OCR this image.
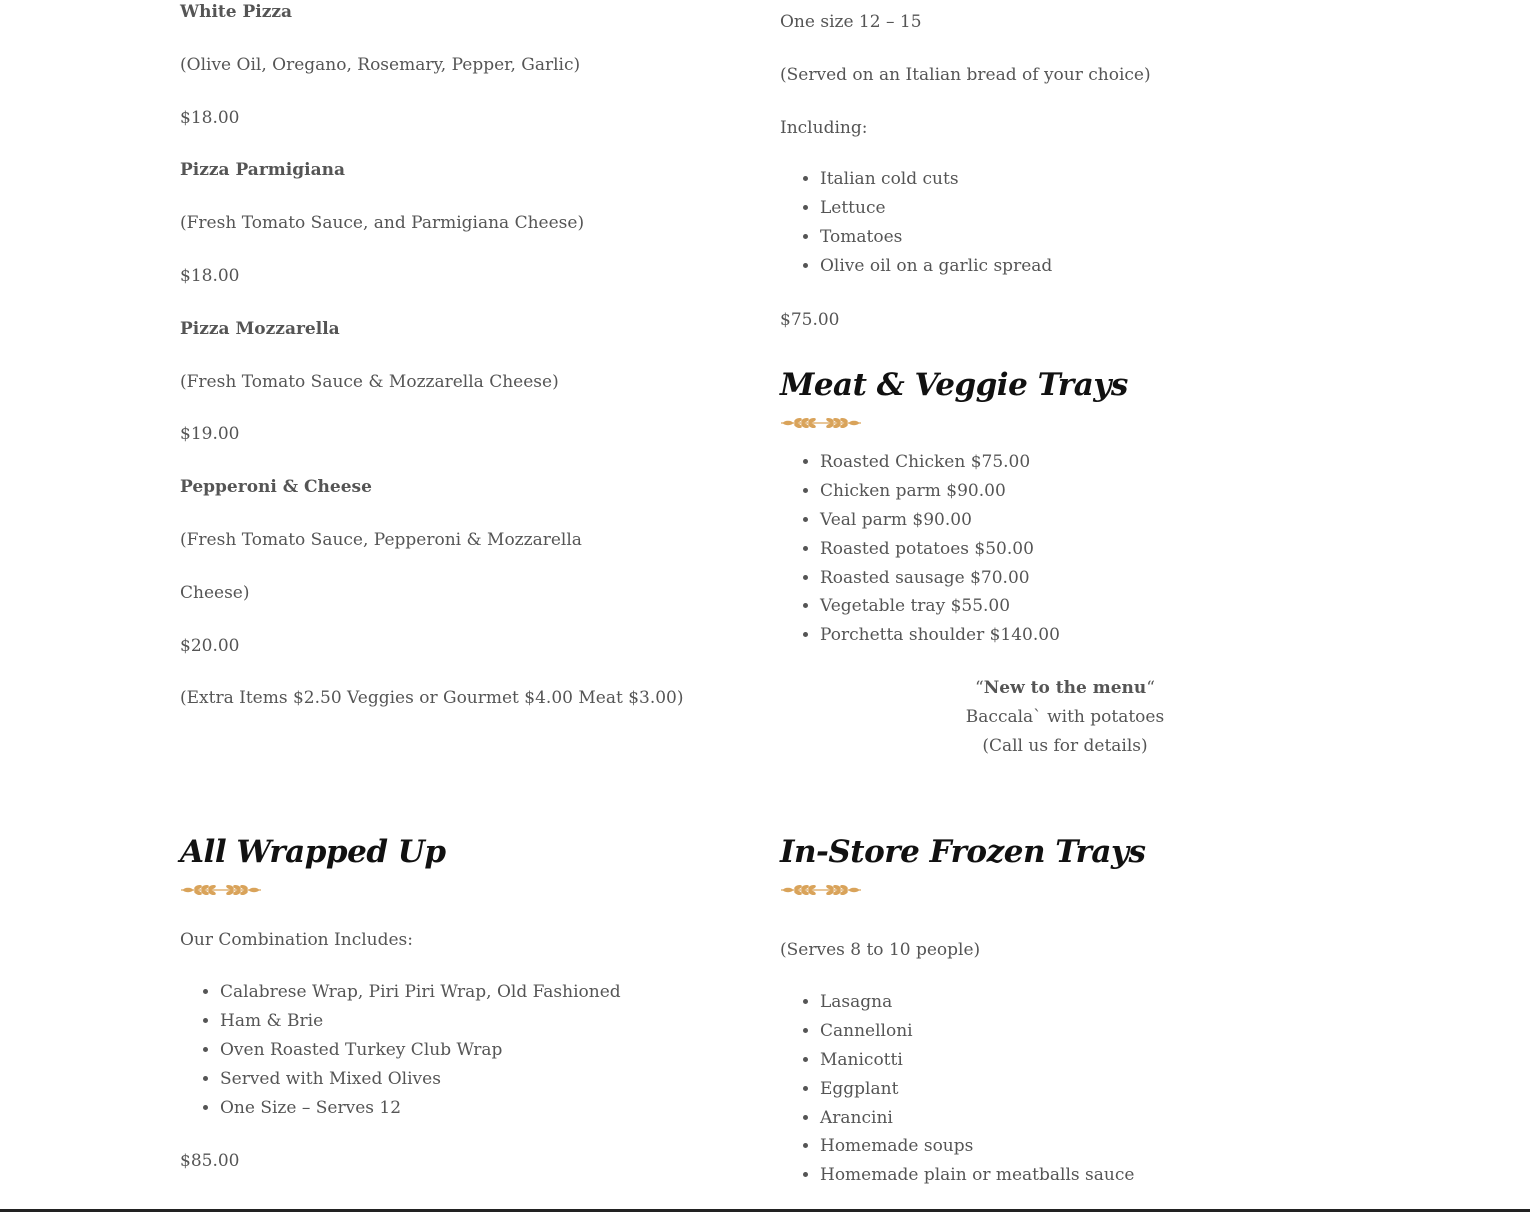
White Pizza

(Olive Oil, Oregano, Rosemary, Pepper, Garlic)

$18.00

Pizza Parmigiana

(Fresh Tomato Sauce, and Parmigiana Cheese)

$18.00

Pizza Mozzarella

(Fresh Tomato Sauce & Mozzarella Cheese)

$19.00

Pepperoni & Cheese

(Fresh Tomato Sauce, Pepperoni & Mozzarella

Cheese)

$20.00

(Extra Items $2.50 Veggies or Gourmet $4.00 Meat $3.00)

One size 12 – 15

(Served on an Italian bread of your choice)

Including:

• Italian cold cuts
• Lettuce
• Tomatoes
• Olive oil on a garlic spread

$75.00

Meat & Veggie Trays
• Roasted Chicken $75.00
• Chicken parm $90.00
• Veal parm $90.00
• Roasted potatoes $50.00
• Roasted sausage $70.00
• Vegetable tray $55.00
• Porchetta shoulder $140.00
“New to the menu“
Baccala` with potatoes
(Call us for details)
All Wrapped Up

Our Combination Includes:

• Calabrese Wrap, Piri Piri Wrap, Old Fashioned
• Ham & Brie
• Oven Roasted Turkey Club Wrap
• Served with Mixed Olives
• One Size – Serves 12

$85.00

In-Store Frozen Trays

(Serves 8 to 10 people)

• Lasagna
• Cannelloni
• Manicotti
• Eggplant
• Arancini
• Homemade soups
• Homemade plain or meatballs sauce
